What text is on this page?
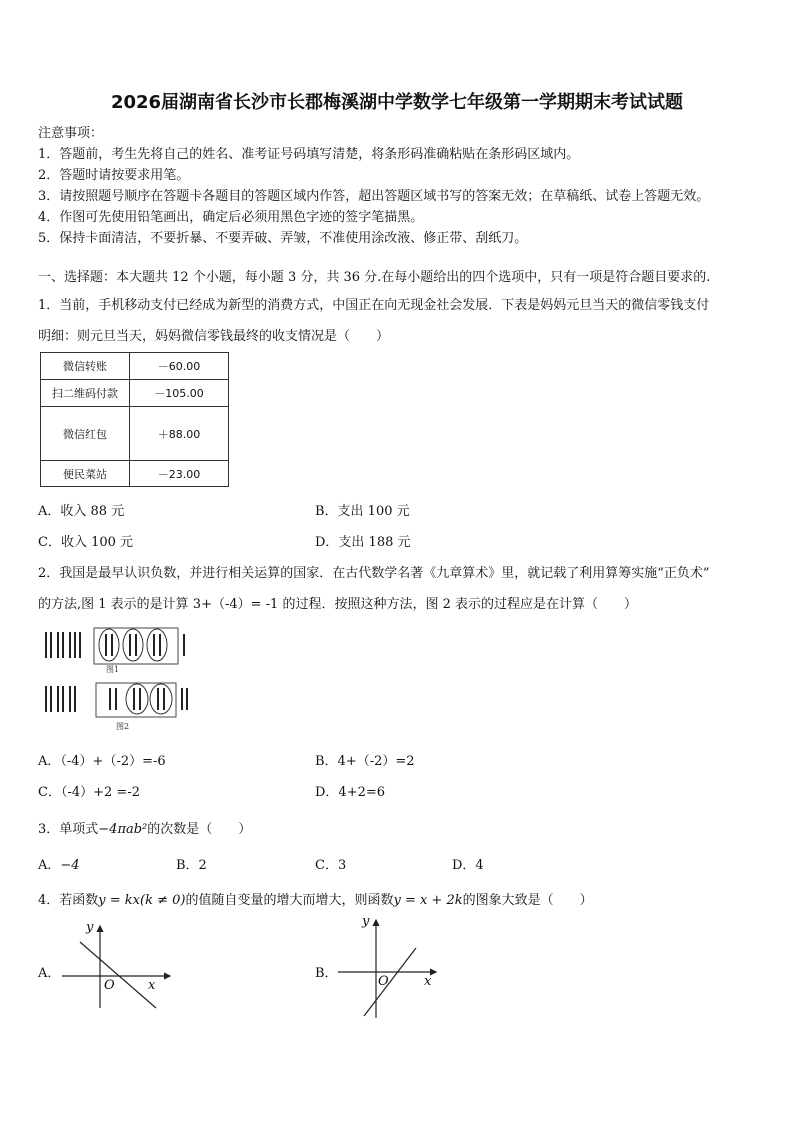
2026届湖南省长沙市长郡梅溪湖中学数学七年级第一学期期末考试试题
注意事项：
1．答题前，考生先将自己的姓名、准考证号码填写清楚，将条形码准确粘贴在条形码区域内。
2．答题时请按要求用笔。
3．请按照题号顺序在答题卡各题目的答题区域内作答，超出答题区域书写的答案无效；在草稿纸、试卷上答题无效。
4．作图可先使用铅笔画出，确定后必须用黑色字迹的签字笔描黑。
5．保持卡面清洁，不要折暴、不要弄破、弄皱，不准使用涂改液、修正带、刮纸刀。
一、选择题：本大题共 12 个小题，每小题 3 分，共 36 分.在每小题给出的四个选项中，只有一项是符合题目要求的.
1．当前，手机移动支付已经成为新型的消费方式，中国正在向无现金社会发展．下表是妈妈元旦当天的微信零钱支付
明细：则元旦当天，妈妈微信零钱最终的收支情况是（　　）
微信转账	－60.00
扫二维码付款	－105.00
微信红包	＋88.00
便民菜站	－23.00
A．收入 88 元	B．支出 100 元
C．收入 100 元	D．支出 188 元
2．我国是最早认识负数，并进行相关运算的国家．在古代数学名著《九章算术》里，就记载了利用算筹实施“正负术”
的方法,图 1 表示的是计算 3+（-4）= -1 的过程．按照这种方法，图 2 表示的过程应是在计算（　　）
图1
图2
A．（-4）+（-2）=-6	B．4+（-2）=2
C．（-4）+2 =-2	D．4+2=6
3．单项式−4πab²的次数是（　　）
A．−4	B．2	C．3	D．4
4．若函数y = kx(k ≠ 0)的值随自变量的增大而增大，则函数y = x + 2k的图象大致是（　　）
A．
y
x
O
B．
y
x
O
